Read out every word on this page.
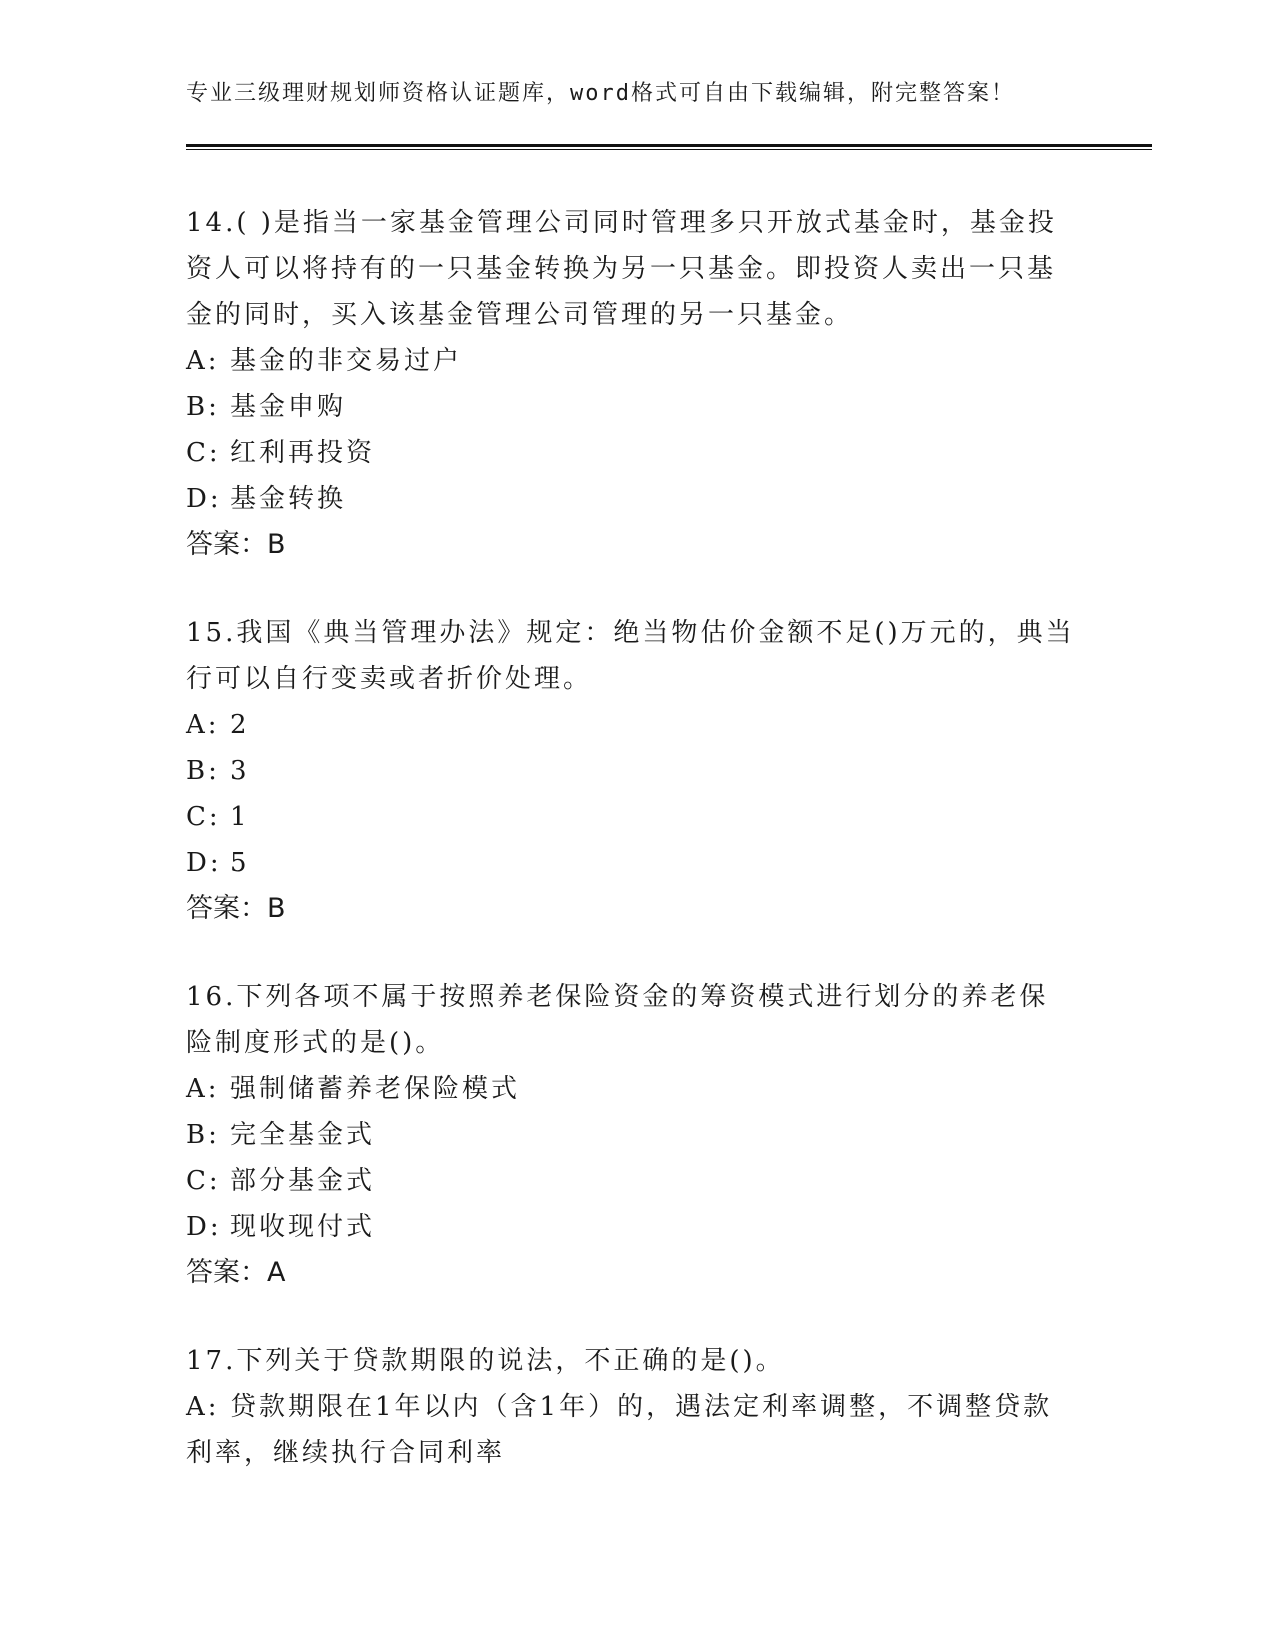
专业三级理财规划师资格认证题库，word格式可自由下载编辑，附完整答案！
14.( )是指当一家基金管理公司同时管理多只开放式基金时，基金投资人可以将持有的一只基金转换为另一只基金。即投资人卖出一只基金的同时，买入该基金管理公司管理的另一只基金。
A: 基金的非交易过户
B: 基金申购
C: 红利再投资
D: 基金转换
答案：B
15.我国《典当管理办法》规定：绝当物估价金额不足()万元的，典当行可以自行变卖或者折价处理。
A: 2
B: 3
C: 1
D: 5
答案：B
16.下列各项不属于按照养老保险资金的筹资模式进行划分的养老保险制度形式的是()。
A: 强制储蓄养老保险模式
B: 完全基金式
C: 部分基金式
D: 现收现付式
答案：A
17.下列关于贷款期限的说法，不正确的是()。
A: 贷款期限在1年以内（含1年）的，遇法定利率调整，不调整贷款利率，继续执行合同利率
